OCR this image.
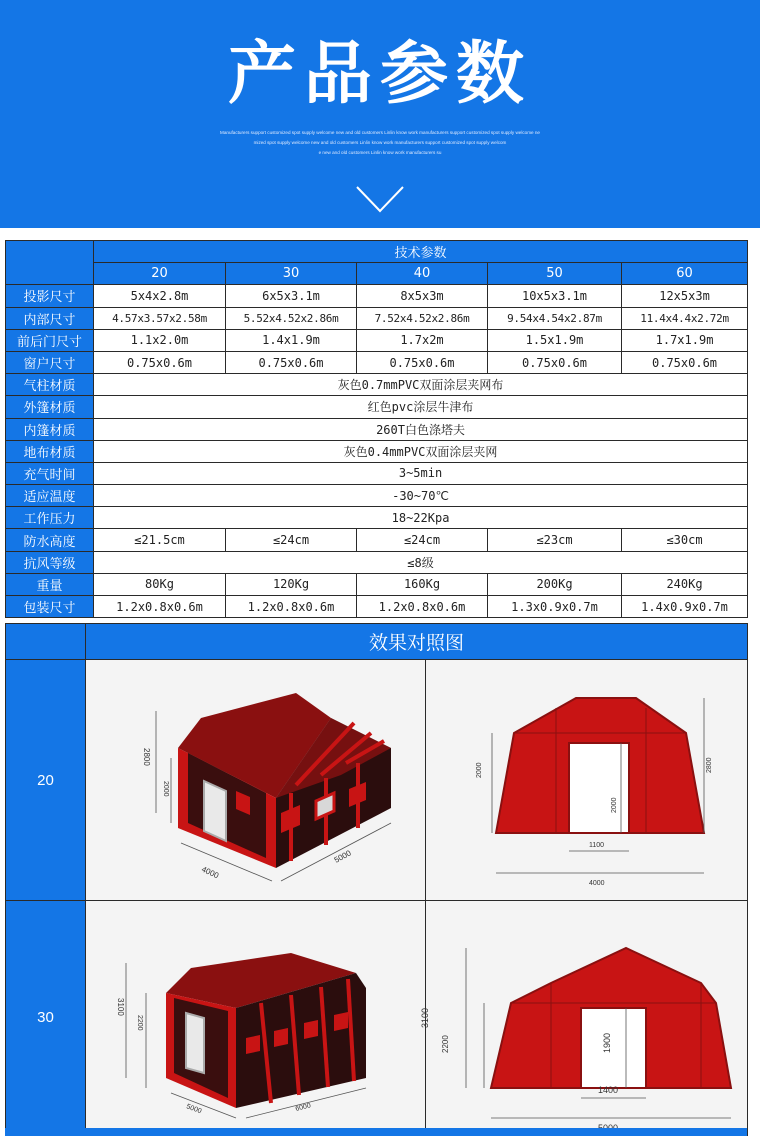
产品参数
Manufacturers support customized spot supply welcome new and old customers Linlin know work manufacturers support customized spot supply welcome ne
mized spot supply welcome new and old customers Linlin know work manufacturers support customized spot supply welcom
e new and old customers Linlin know work manufacturers su
	技术参数				
	20	30	40	50	60
投影尺寸	5x4x2.8m	6x5x3.1m	8x5x3m	10x5x3.1m	12x5x3m
内部尺寸	4.57x3.57x2.58m	5.52x4.52x2.86m	7.52x4.52x2.86m	9.54x4.54x2.87m	11.4x4.4x2.72m
前后门尺寸	1.1x2.0m	1.4x1.9m	1.7x2m	1.5x1.9m	1.7x1.9m
窗户尺寸	0.75x0.6m	0.75x0.6m	0.75x0.6m	0.75x0.6m	0.75x0.6m
气柱材质	灰色0.7mmPVC双面涂层夹网布				
外篷材质	红色pvc涂层牛津布				
内篷材质	260T白色涤塔夫				
地布材质	灰色0.4mmPVC双面涂层夹网				
充气时间	3~5min				
适应温度	-30~70℃				
工作压力	18~22Kpa				
防水高度	≤21.5cm	≤24cm	≤24cm	≤23cm	≤30cm
抗风等级	≤8级				
重量	80Kg	120Kg	160Kg	200Kg	240Kg
包装尺寸	1.2x0.8x0.6m	1.2x0.8x0.6m	1.2x0.8x0.6m	1.3x0.9x0.7m	1.4x0.9x0.7m
	效果对照图	
20	2800
2000
4000
5000	2000
2000
2800
1100
4000

30	3100
2200
5000 6000	3100
2200 1900
1400
